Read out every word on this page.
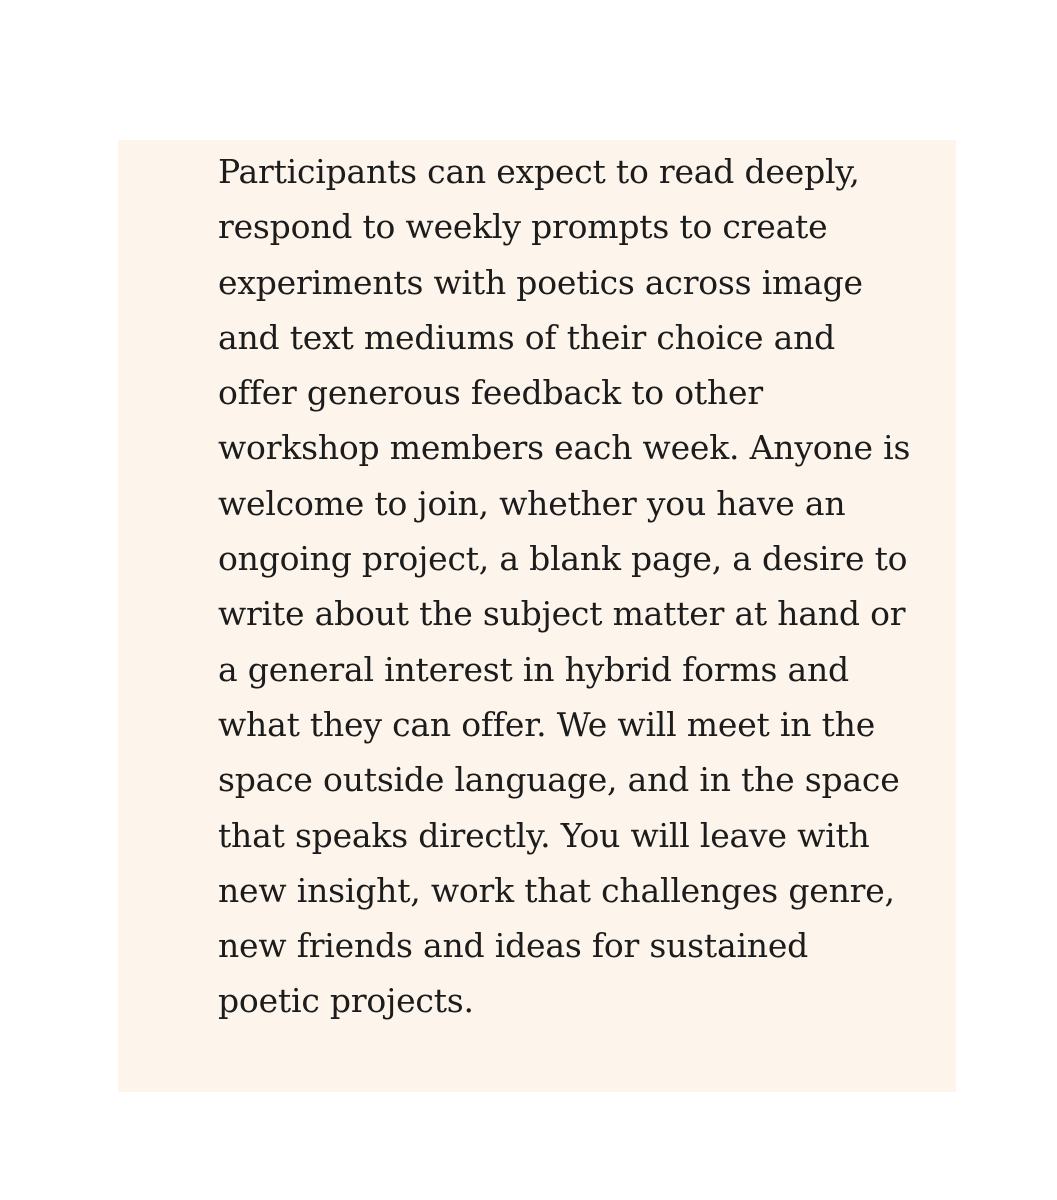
Participants can expect to read deeply,
respond to weekly prompts to create
experiments with poetics across image
and text mediums of their choice and
offer generous feedback to other
workshop members each week. Anyone is
welcome to join, whether you have an
ongoing project, a blank page, a desire to
write about the subject matter at hand or
a general interest in hybrid forms and
what they can offer. We will meet in the
space outside language, and in the space
that speaks directly. You will leave with
new insight, work that challenges genre,
new friends and ideas for sustained
poetic projects.
